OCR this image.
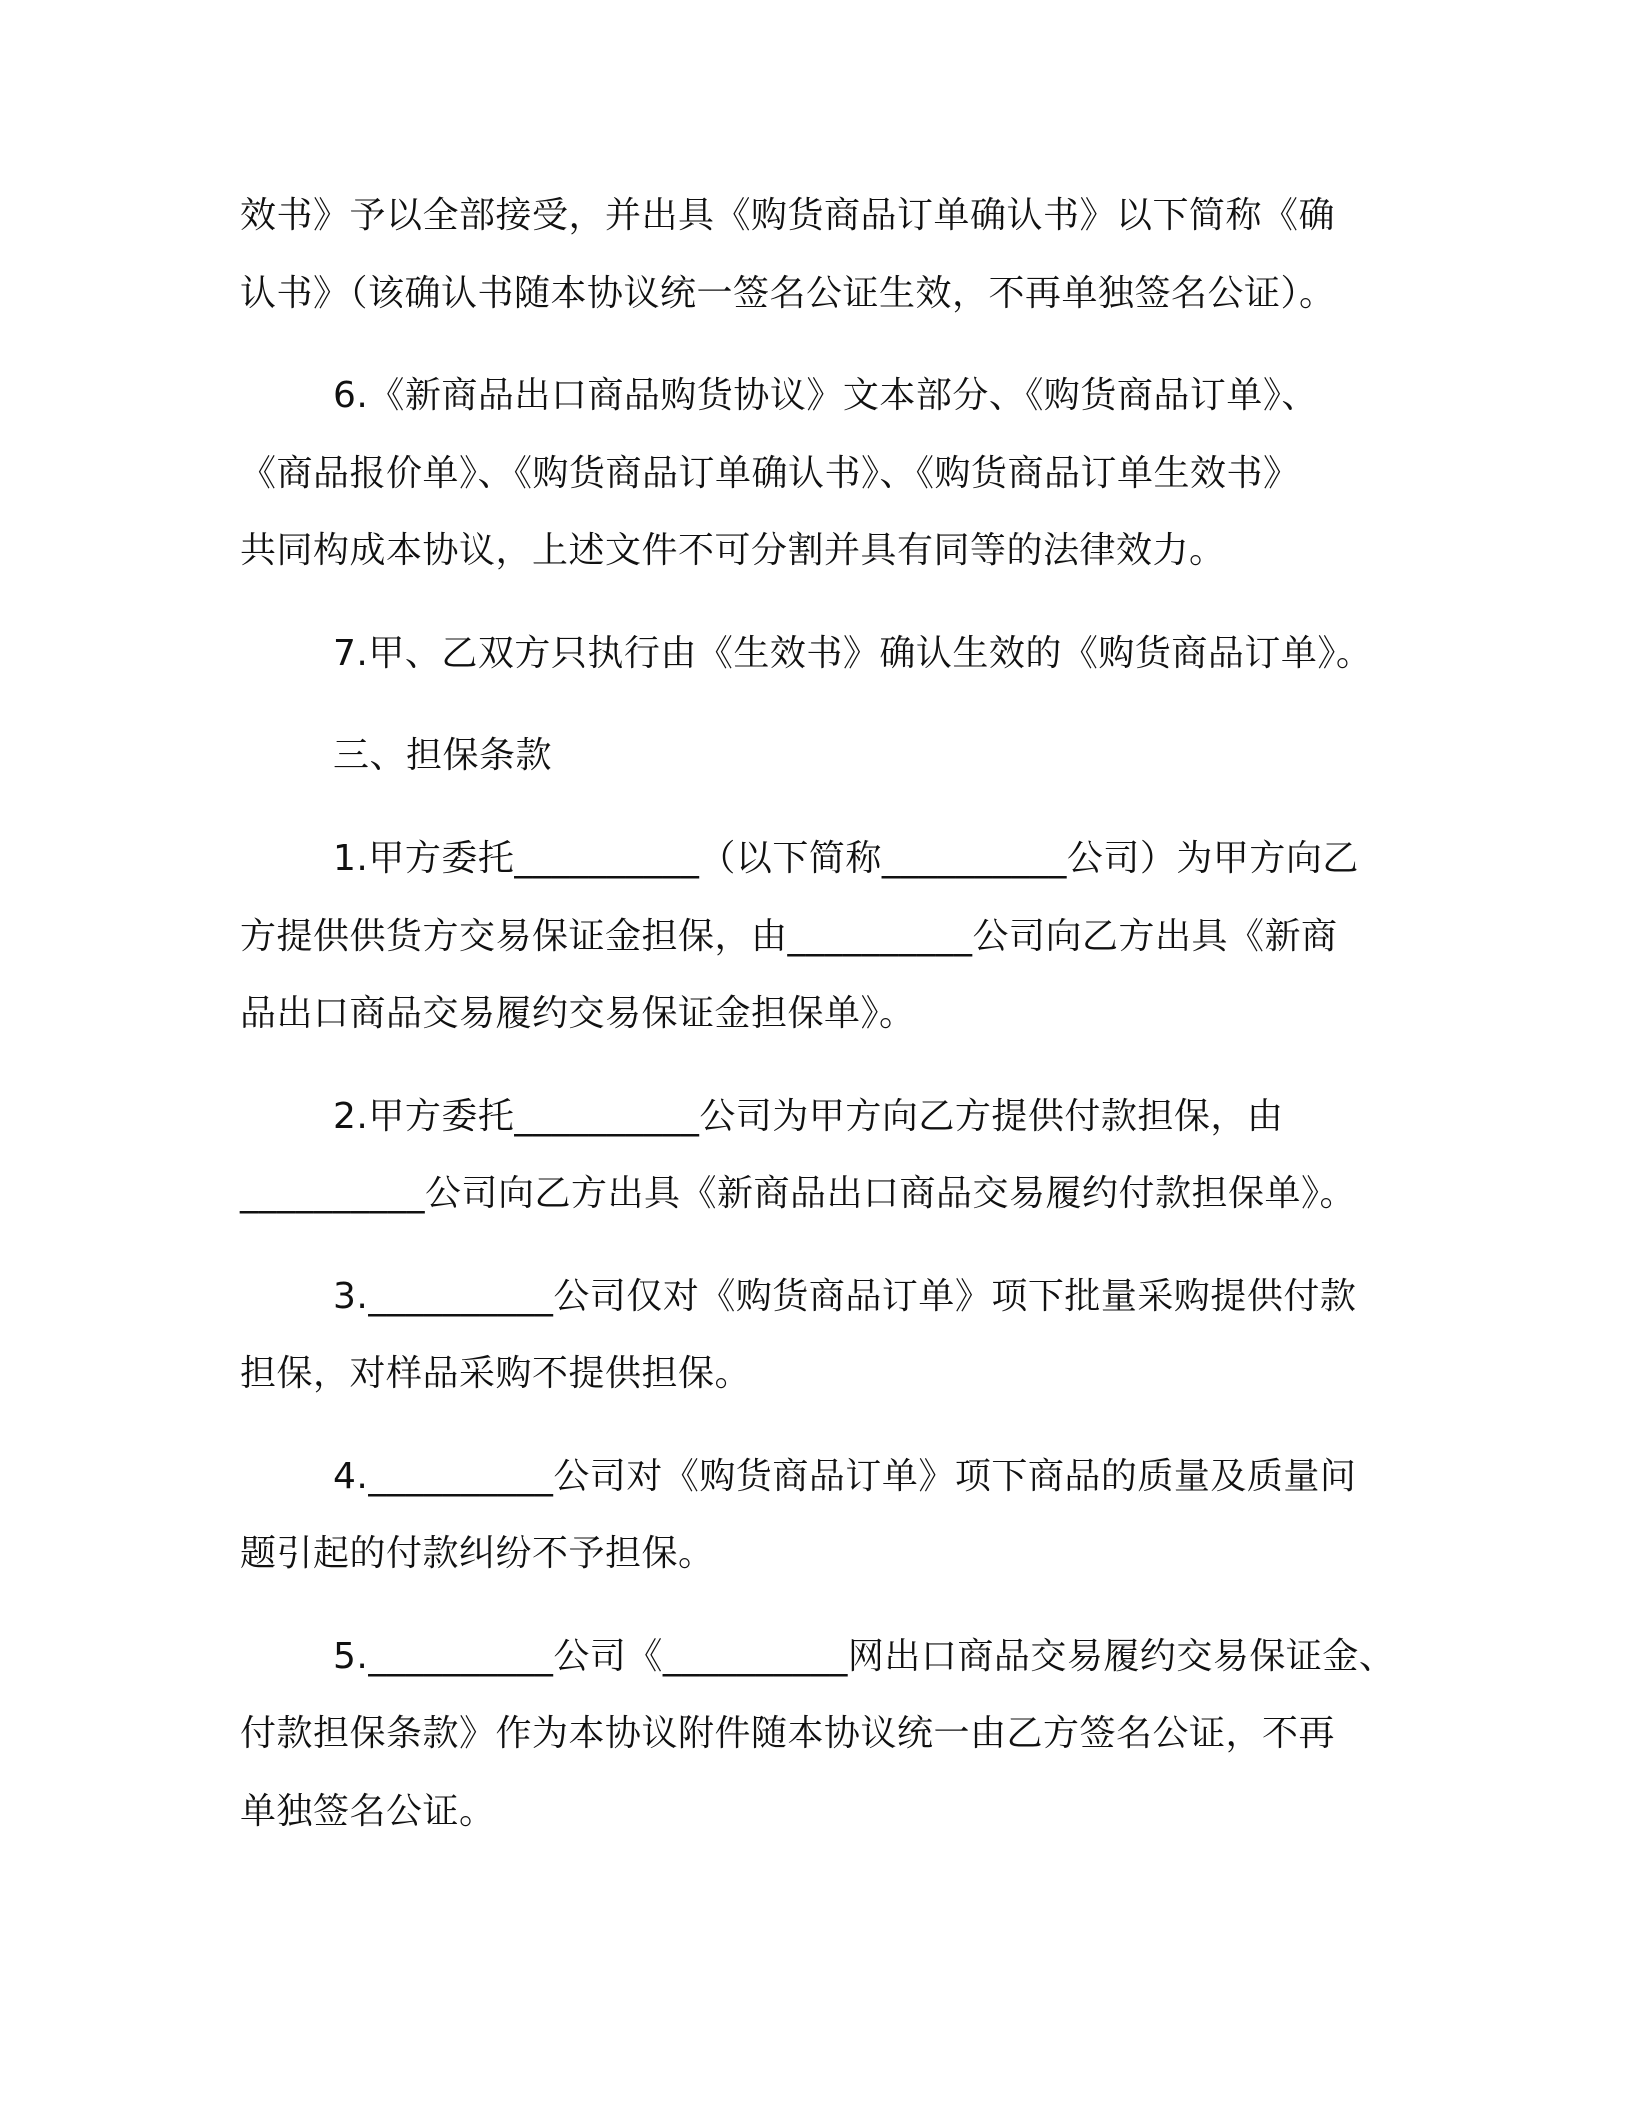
效书》予以全部接受，并出具《购货商品订单确认书》以下简称《确
认书》（该确认书随本协议统一签名公证生效，不再单独签名公证）。
6.《新商品出口商品购货协议》文本部分、《购货商品订单》、
《商品报价单》、《购货商品订单确认书》、《购货商品订单生效书》
共同构成本协议，上述文件不可分割并具有同等的法律效力。
7.甲、乙双方只执行由《生效书》确认生效的《购货商品订单》。
三、担保条款
1.甲方委托__________（以下简称__________公司）为甲方向乙
方提供供货方交易保证金担保，由__________公司向乙方出具《新商
品出口商品交易履约交易保证金担保单》。
2.甲方委托__________公司为甲方向乙方提供付款担保，由
__________公司向乙方出具《新商品出口商品交易履约付款担保单》。
3.__________公司仅对《购货商品订单》项下批量采购提供付款
担保，对样品采购不提供担保。
4.__________公司对《购货商品订单》项下商品的质量及质量问
题引起的付款纠纷不予担保。
5.__________公司《__________网出口商品交易履约交易保证金、
付款担保条款》作为本协议附件随本协议统一由乙方签名公证，不再
单独签名公证。
